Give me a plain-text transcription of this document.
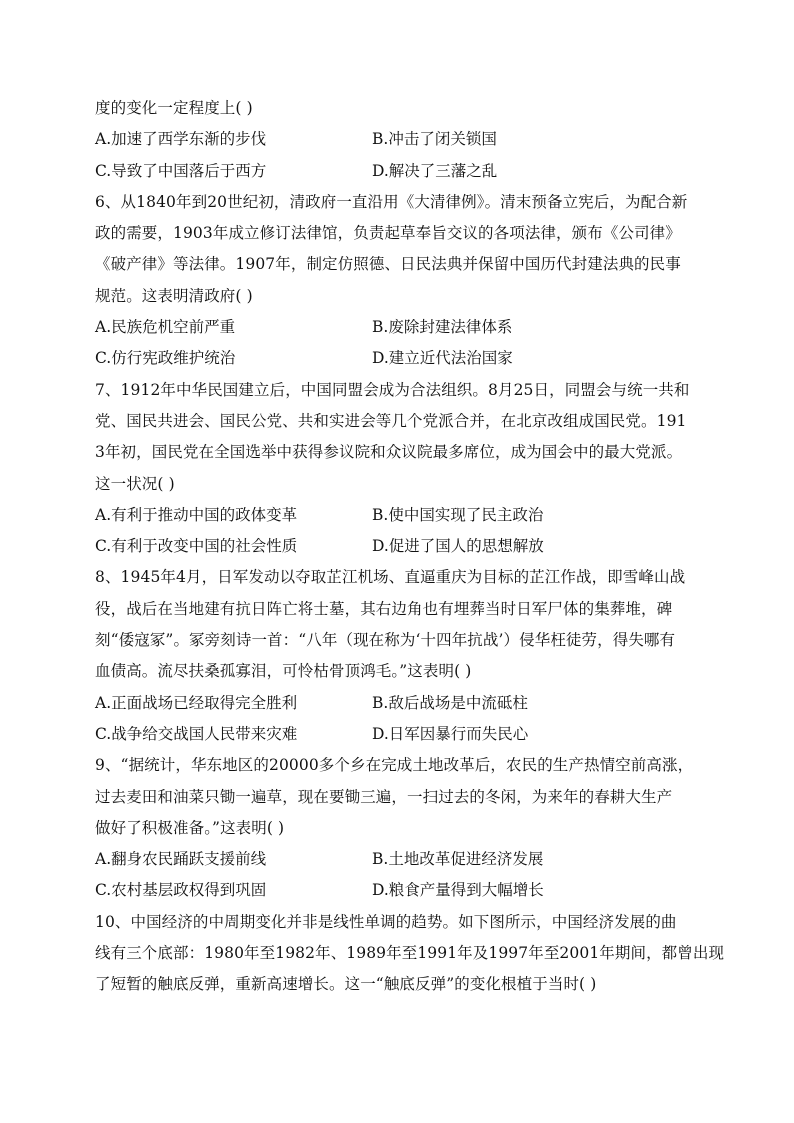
度的变化一定程度上( )
A.加速了西学东渐的步伐	B.冲击了闭关锁国
C.导致了中国落后于西方	D.解决了三藩之乱
6、从1840年到20世纪初，清政府一直沿用《大清律例》。清末预备立宪后，为配合新
政的需要，1903年成立修订法律馆，负责起草奉旨交议的各项法律，颁布《公司律》
《破产律》等法律。1907年，制定仿照德、日民法典并保留中国历代封建法典的民事
规范。这表明清政府( )
A.民族危机空前严重	B.废除封建法律体系
C.仿行宪政维护统治	D.建立近代法治国家
7、1912年中华民国建立后，中国同盟会成为合法组织。8月25日，同盟会与统一共和
党、国民共进会、国民公党、共和实进会等几个党派合并，在北京改组成国民党。191
3年初，国民党在全国选举中获得参议院和众议院最多席位，成为国会中的最大党派。
这一状况( )
A.有利于推动中国的政体变革	B.使中国实现了民主政治
C.有利于改变中国的社会性质	D.促进了国人的思想解放
8、1945年4月，日军发动以夺取芷江机场、直逼重庆为目标的芷江作战，即雪峰山战
役，战后在当地建有抗日阵亡将士墓，其右边角也有埋葬当时日军尸体的集葬堆，碑
刻“倭寇冢”。冢旁刻诗一首：“八年（现在称为‘十四年抗战’）侵华枉徒劳，得失哪有
血债高。流尽扶桑孤寡泪，可怜枯骨顶鸿毛。”这表明( )
A.正面战场已经取得完全胜利	B.敌后战场是中流砥柱
C.战争给交战国人民带来灾难	D.日军因暴行而失民心
9、“据统计，华东地区的20000多个乡在完成土地改革后，农民的生产热情空前高涨，
过去麦田和油菜只锄一遍草，现在要锄三遍，一扫过去的冬闲，为来年的春耕大生产
做好了积极准备。”这表明( )
A.翻身农民踊跃支援前线	B.土地改革促进经济发展
C.农村基层政权得到巩固	D.粮食产量得到大幅增长
10、中国经济的中周期变化并非是线性单调的趋势。如下图所示，中国经济发展的曲
线有三个底部：1980年至1982年、1989年至1991年及1997年至2001年期间，都曾出现
了短暂的触底反弹，重新高速增长。这一“触底反弹”的变化根植于当时( )
